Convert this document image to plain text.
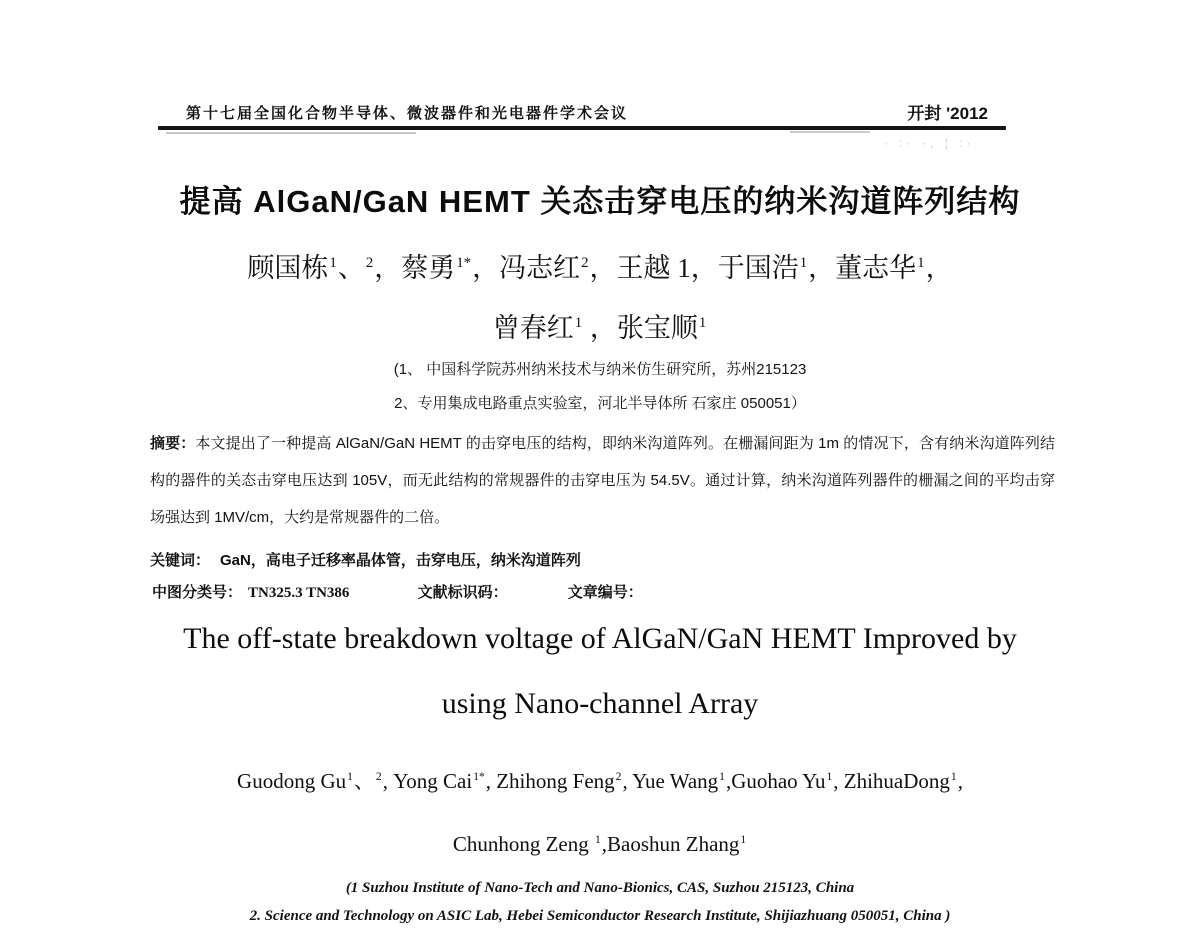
第十七届全国化合物半导体、微波器件和光电器件学术会议	开封 '2012
· :· ·, ¦ :·
提高 AlGaN/GaN HEMT 关态击穿电压的纳米沟道阵列结构
顾国栋$^1$、$^2$，蔡勇$^{1*}$，冯志红$^2$，王越 1，于国浩$^1$，董志华$^1$，
曾春红$^1$ ，张宝顺$^1$
(1、 中国科学院苏州纳米技术与纳米仿生研究所，苏州215123
2、专用集成电路重点实验室，河北半导体所 石家庄 050051）

摘要：本文提出了一种提高 AlGaN/GaN HEMT 的击穿电压的结构，即纳米沟道阵列。在栅漏间距为 1m 的情况下，含有纳米沟道阵列结构的器件的关态击穿电压达到 105V，而无此结构的常规器件的击穿电压为 54.5V。通过计算，纳米沟道阵列器件的栅漏之间的平均击穿场强达到 1MV/cm，大约是常规器件的二倍。

关键词： GaN，高电子迁移率晶体管，击穿电压，纳米沟道阵列
中图分类号： TN325.3 TN386	文献标识码：	文章编号：
The off-state breakdown voltage of AlGaN/GaN HEMT Improved by
using Nano-channel Array
Guodong Gu$^1$、$^2$, Yong Cai$^{1*}$, Zhihong Feng$^2$, Yue Wang$^1$,Guohao Yu$^1$, ZhihuaDong$^1$,
Chunhong Zeng $^1$,Baoshun Zhang$^1$
(1 Suzhou Institute of Nano-Tech and Nano-Bionics, CAS, Suzhou 215123, China
2. Science and Technology on ASIC Lab, Hebei Semiconductor Research Institute, Shijiazhuang 050051, China )
